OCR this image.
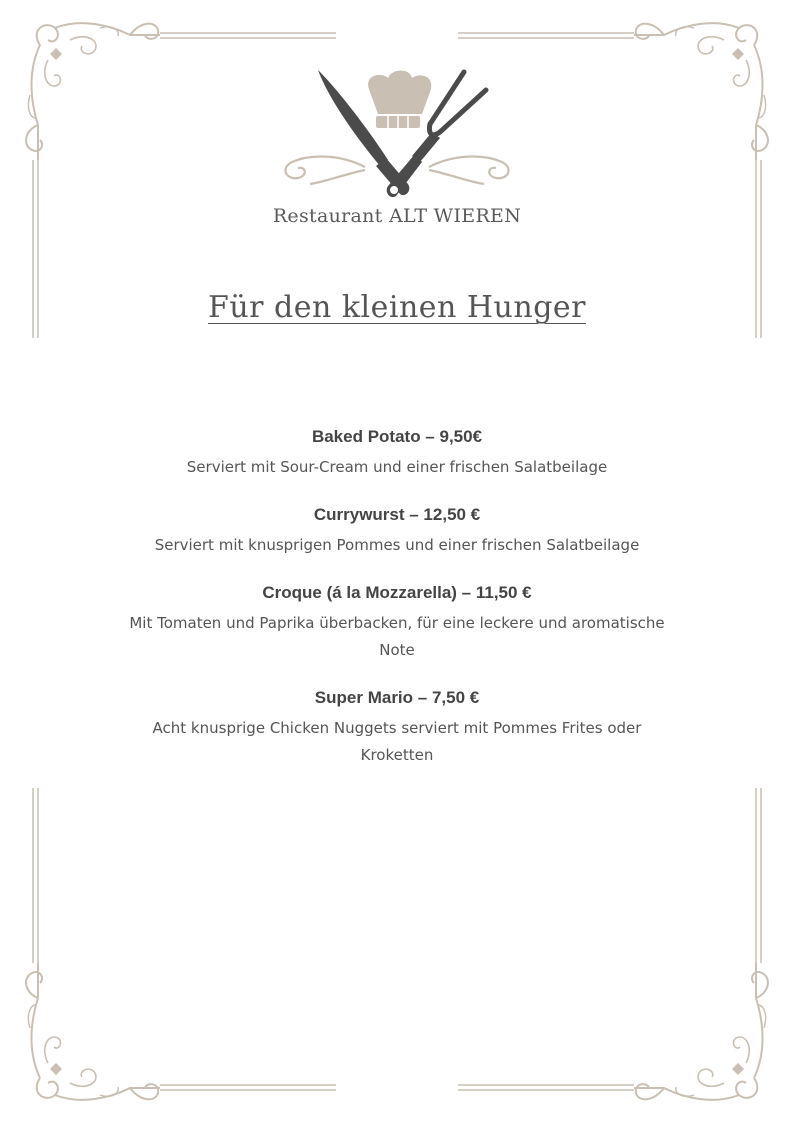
Restaurant ALT WIEREN
Für den kleinen Hunger
Baked Potato – 9,50€
Serviert mit Sour-Cream und einer frischen Salatbeilage
Currywurst – 12,50 €
Serviert mit knusprigen Pommes und einer frischen Salatbeilage
Croque (á la Mozzarella) – 11,50 €
Mit Tomaten und Paprika überbacken, für eine leckere und aromatische Note
Super Mario – 7,50 €
Acht knusprige Chicken Nuggets serviert mit Pommes Frites oder Kroketten
